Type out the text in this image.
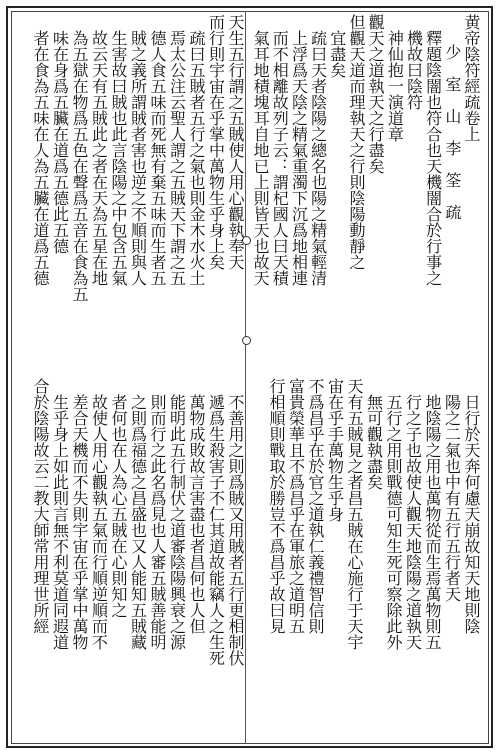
黄帝陰符經疏卷上
少　室　山　李　筌　疏
釋題陰闇也符合也天機闇合於行事之
機故曰陰符
神仙抱一演道章
觀天之道執天之行盡矣
但觀天道而理執天之行則陰陽動靜之
宜盡矣
疏曰天者陰陽之總名也陽之精氣輕清
上浮爲天陰之精氣重濁下沉爲地相連
而不相離故列子云：謂杞國人曰天積
氣耳地積塊耳自地已上則皆天也故天
天生五行謂之五賊使人用心觀執奉天
而行則宇宙在乎掌中萬物生乎身上矣
疏曰五賊者五行之氣也則金木水火土
焉太公注云聖人謂之五賊天下謂之五
德人食五味而死無有棄五味而生者五
賊之義所謂賊者害也逆之不順則與人
生害故曰賊也此言陰陽之中包含五氣
故云天有五賊此之者在天為五星在地
為五獄在物爲五色在聲爲五音在食為五
味在身爲五臟在道爲五德此五德
者在食為五味在人為五臟在道爲五德
日行於天奔何慮天崩故知天地則陰
陽之二氣也中有五行五行者天
地陰陽之用也萬物從而生焉萬物則五
行之子也故使人觀天地陰陽之道執天
五行之用則戰德可知生死可察除此外
無可觀執盡矣
天有五賊見之者昌五賊在心施行于天宇
宙在乎手萬物生乎身
不爲昌乎在於官之道執仁義禮智信則
富貴榮華且不爲昌乎在軍旅之道明五
行相順則戰取於勝豈不爲昌乎故曰見
不善用之則爲賊又用賊者五行更相制伏
遞爲生殺害子不仁其道故能竊人之生死
萬物成敗故言害盡也者昌何也人但
能明此五行制伏之道審陰陽興衰之源
則而行之此名爲見也人審五賊善能明
之則爲福德之昌盛也又人能知五賊藏
者何也在人為心五賊在心則知之
故使人用心觀執五氣而行順逆順而不
差合天機而不失則宇宙在乎掌中萬物
生乎身上如此則言無不利莫道同遐道
合於陰陽故云二教大師常用理世所經
